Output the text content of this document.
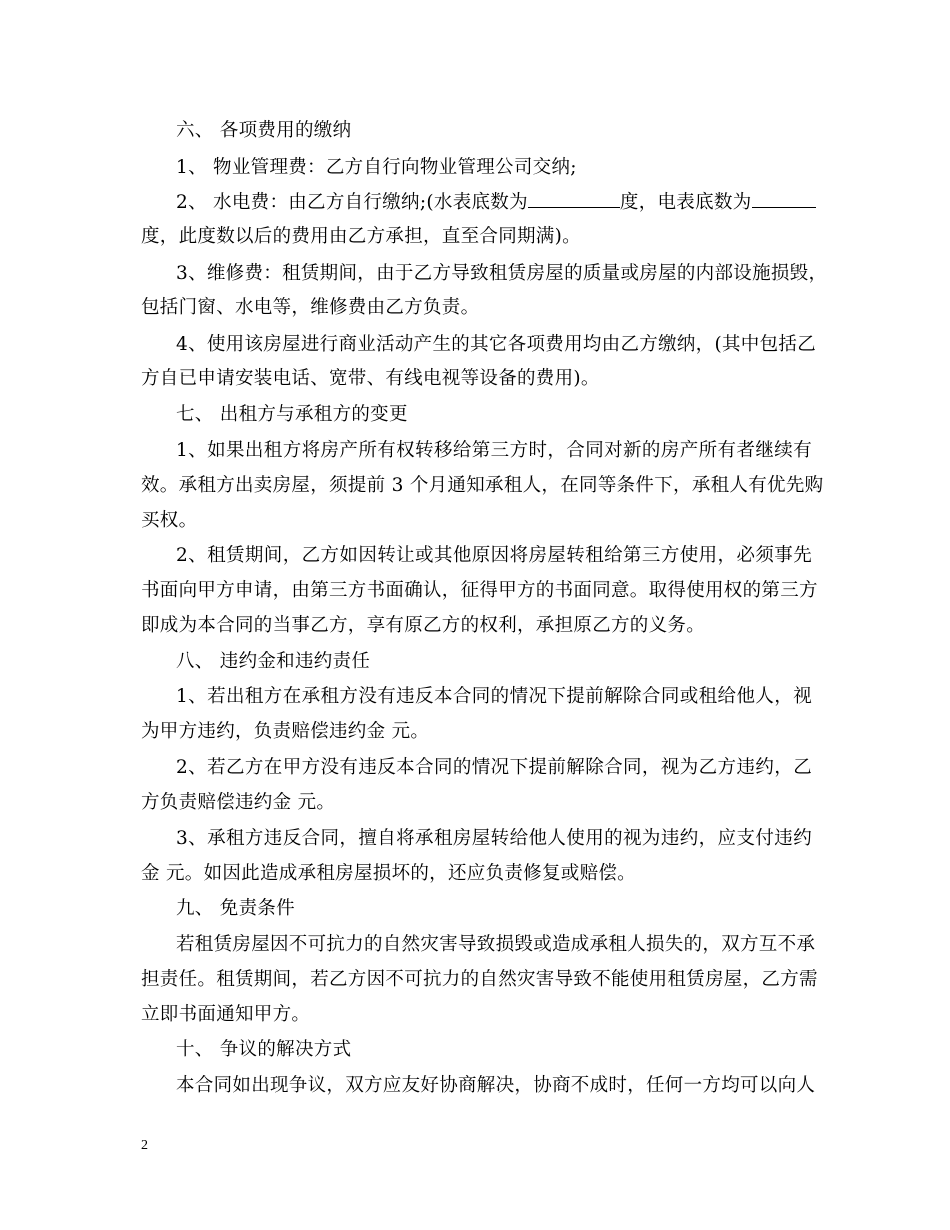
六、 各项费用的缴纳
1、 物业管理费：乙方自行向物业管理公司交纳;
2、 水电费：由乙方自行缴纳;(水表底数为	度，电表底数为
度，此度数以后的费用由乙方承担，直至合同期满)。
3、维修费：租赁期间，由于乙方导致租赁房屋的质量或房屋的内部设施损毁，
包括门窗、水电等，维修费由乙方负责。
4、使用该房屋进行商业活动产生的其它各项费用均由乙方缴纳，(其中包括乙
方自已申请安装电话、宽带、有线电视等设备的费用)。
七、 出租方与承租方的变更
1、如果出租方将房产所有权转移给第三方时，合同对新的房产所有者继续有
效。承租方出卖房屋，须提前 3 个月通知承租人，在同等条件下，承租人有优先购
买权。
2、租赁期间，乙方如因转让或其他原因将房屋转租给第三方使用，必须事先
书面向甲方申请，由第三方书面确认，征得甲方的书面同意。取得使用权的第三方
即成为本合同的当事乙方，享有原乙方的权利，承担原乙方的义务。
八、 违约金和违约责任
1、若出租方在承租方没有违反本合同的情况下提前解除合同或租给他人，视
为甲方违约，负责赔偿违约金 元。
2、若乙方在甲方没有违反本合同的情况下提前解除合同，视为乙方违约，乙
方负责赔偿违约金 元。
3、承租方违反合同，擅自将承租房屋转给他人使用的视为违约，应支付违约
金 元。如因此造成承租房屋损坏的，还应负责修复或赔偿。
九、 免责条件
若租赁房屋因不可抗力的自然灾害导致损毁或造成承租人损失的，双方互不承
担责任。租赁期间，若乙方因不可抗力的自然灾害导致不能使用租赁房屋，乙方需
立即书面通知甲方。
十、 争议的解决方式
本合同如出现争议，双方应友好协商解决，协商不成时，任何一方均可以向人
2
